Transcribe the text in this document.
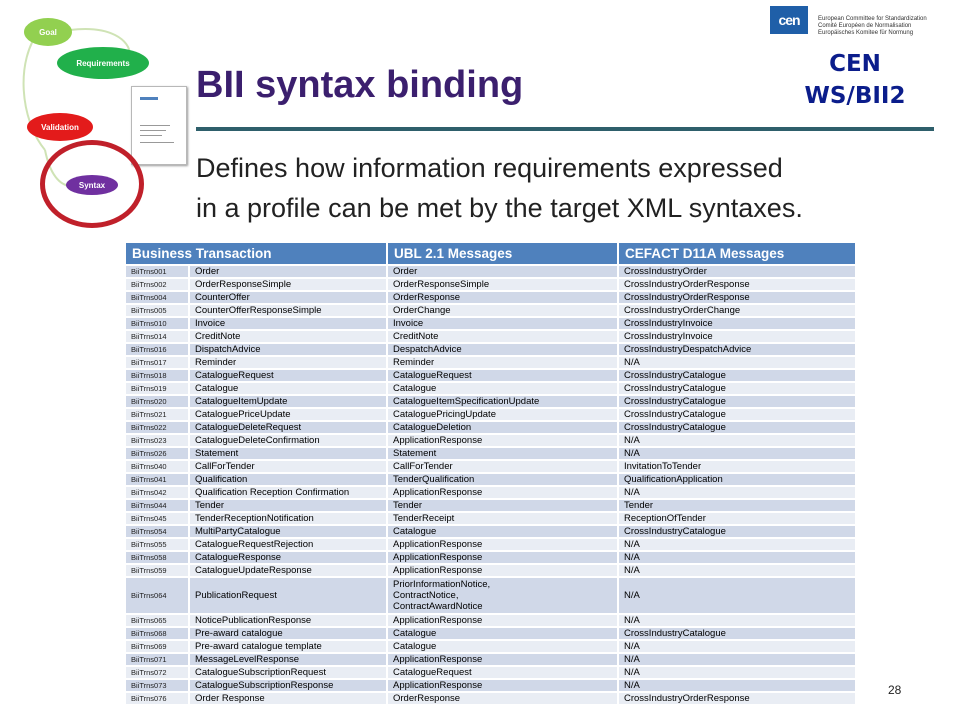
Goal
Requirements
Validation
Syntax
BII syntax binding
cen	European Committee for Standardization
Comité Européen de Normalisation
Europäisches Komitee für Normung
CEN
WS/BII2
Defines how information requirements expressed
in a profile can be met by the target XML syntaxes.
Business Transaction		UBL 2.1 Messages	CEFACT D11A Messages
BiiTrns001	Order	Order	CrossIndustryOrder
BiiTrns002	OrderResponseSimple	OrderResponseSimple	CrossIndustryOrderResponse
BiiTrns004	CounterOffer	OrderResponse	CrossIndustryOrderResponse
BiiTrns005	CounterOfferResponseSimple	OrderChange	CrossIndustryOrderChange
BiiTrns010	Invoice	Invoice	CrossIndustryInvoice
BiiTrns014	CreditNote	CreditNote	CrossIndustryInvoice
BiiTrns016	DispatchAdvice	DespatchAdvice	CrossIndustryDespatchAdvice
BiiTrns017	Reminder	Reminder	N/A
BiiTrns018	CatalogueRequest	CatalogueRequest	CrossIndustryCatalogue
BiiTrns019	Catalogue	Catalogue	CrossIndustryCatalogue
BiiTrns020	CatalogueItemUpdate	CatalogueItemSpecificationUpdate	CrossIndustryCatalogue
BiiTrns021	CataloguePriceUpdate	CataloguePricingUpdate	CrossIndustryCatalogue
BiiTrns022	CatalogueDeleteRequest	CatalogueDeletion	CrossIndustryCatalogue
BiiTrns023	CatalogueDeleteConfirmation	ApplicationResponse	N/A
BiiTrns026	Statement	Statement	N/A
BiiTrns040	CallForTender	CallForTender	InvitationToTender
BiiTrns041	Qualification	TenderQualification	QualificationApplication
BiiTrns042	Qualification Reception Confirmation	ApplicationResponse	N/A
BiiTrns044	Tender	Tender	Tender
BiiTrns045	TenderReceptionNotification	TenderReceipt	ReceptionOfTender
BiiTrns054	MultiPartyCatalogue	Catalogue	CrossIndustryCatalogue
BiiTrns055	CatalogueRequestRejection	ApplicationResponse	N/A
BiiTrns058	CatalogueResponse	ApplicationResponse	N/A
BiiTrns059	CatalogueUpdateResponse	ApplicationResponse	N/A
BiiTrns064	PublicationRequest	PriorInformationNotice,
ContractNotice,
ContractAwardNotice	N/A
BiiTrns065	NoticePublicationResponse	ApplicationResponse	N/A
BiiTrns068	Pre-award catalogue	Catalogue	CrossIndustryCatalogue
BiiTrns069	Pre-award catalogue template	Catalogue	N/A
BiiTrns071	MessageLevelResponse	ApplicationResponse	N/A
BiiTrns072	CatalogueSubscriptionRequest	CatalogueRequest	N/A
BiiTrns073	CatalogueSubscriptionResponse	ApplicationResponse	N/A
BiiTrns076	Order Response	OrderResponse	CrossIndustryOrderResponse
28
